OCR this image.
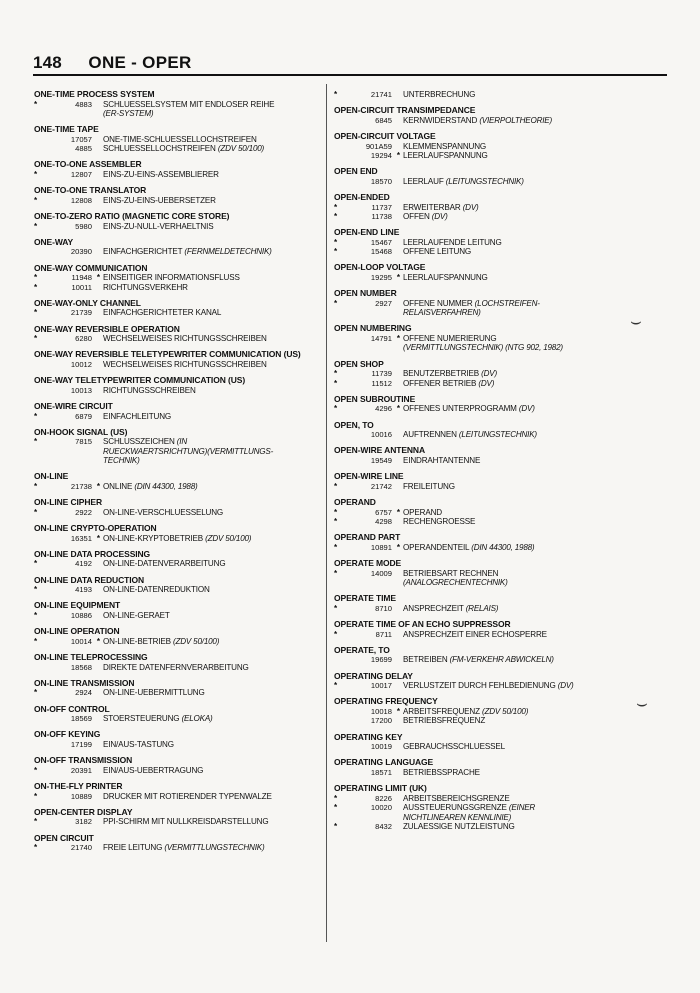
148 ONE - OPER
ONE-TIME PROCESS SYSTEM
*	4883 SCHLUESSELSYSTEM MIT ENDLOSER REIHE
(ER-SYSTEM)
ONE-TIME TAPE
17057 ONE-TIME-SCHLUESSELLOCHSTREIFEN
4885 SCHLUESSELLOCHSTREIFEN (ZDV 50/100)
ONE-TO-ONE ASSEMBLER
*	12807 EINS-ZU-EINS-ASSEMBLIERER
ONE-TO-ONE TRANSLATOR
*	12808 EINS-ZU-EINS-UEBERSETZER
ONE-TO-ZERO RATIO (MAGNETIC CORE STORE)
*	5980 EINS-ZU-NULL-VERHAELTNIS
ONE-WAY
20390 EINFACHGERICHTET (FERNMELDETECHNIK)
ONE-WAY COMMUNICATION
*	11948 * EINSEITIGER INFORMATIONSFLUSS
*	10011 RICHTUNGSVERKEHR
ONE-WAY-ONLY CHANNEL
*	21739 EINFACHGERICHTETER KANAL
ONE-WAY REVERSIBLE OPERATION
*	6280 WECHSELWEISES RICHTUNGSSCHREIBEN
ONE-WAY REVERSIBLE TELETYPEWRITER COMMUNICATION (US)
10012 WECHSELWEISES RICHTUNGSSCHREIBEN
ONE-WAY TELETYPEWRITER COMMUNICATION (US)
10013 RICHTUNGSSCHREIBEN
ONE-WIRE CIRCUIT
*	6879 EINFACHLEITUNG
ON-HOOK SIGNAL (US)
*	7815 SCHLUSSZEICHEN (IN
RUECKWAERTSRICHTUNG)(VERMITTLUNGS-
TECHNIK)
ON-LINE
*	21738 * ONLINE (DIN 44300, 1988)
ON-LINE CIPHER
*	2922 ON-LINE-VERSCHLUESSELUNG
ON-LINE CRYPTO-OPERATION
16351 * ON-LINE-KRYPTOBETRIEB (ZDV 50/100)
ON-LINE DATA PROCESSING
*	4192 ON-LINE-DATENVERARBEITUNG
ON-LINE DATA REDUCTION
*	4193 ON-LINE-DATENREDUKTION
ON-LINE EQUIPMENT
*	10886 ON-LINE-GERAET
ON-LINE OPERATION
*	10014 * ON-LINE-BETRIEB (ZDV 50/100)
ON-LINE TELEPROCESSING
18568 DIREKTE DATENFERNVERARBEITUNG
ON-LINE TRANSMISSION
*	2924 ON-LINE-UEBERMITTLUNG
ON-OFF CONTROL
18569 STOERSTEUERUNG (ELOKA)
ON-OFF KEYING
17199 EIN/AUS-TASTUNG
ON-OFF TRANSMISSION
*	20391 EIN/AUS-UEBERTRAGUNG
ON-THE-FLY PRINTER
*	10889 DRUCKER MIT ROTIERENDER TYPENWALZE
OPEN-CENTER DISPLAY
*	3182 PPI-SCHIRM MIT NULLKREISDARSTELLUNG
OPEN CIRCUIT
*	21740 FREIE LEITUNG (VERMITTLUNGSTECHNIK)
*	21741 UNTERBRECHUNG
OPEN-CIRCUIT TRANSIMPEDANCE
6845 KERNWIDERSTAND (VIERPOLTHEORIE)
OPEN-CIRCUIT VOLTAGE
901A59 KLEMMENSPANNUNG
19294 * LEERLAUFSPANNUNG
OPEN END
18570 LEERLAUF (LEITUNGSTECHNIK)
OPEN-ENDED
*	11737 ERWEITERBAR (DV)
*	11738 OFFEN (DV)
OPEN-END LINE
*	15467 LEERLAUFENDE LEITUNG
*	15468 OFFENE LEITUNG
OPEN-LOOP VOLTAGE
19295 * LEERLAUFSPANNUNG
OPEN NUMBER
*	2927 OFFENE NUMMER (LOCHSTREIFEN-
RELAISVERFAHREN)
OPEN NUMBERING
14791 * OFFENE NUMERIERUNG
(VERMITTLUNGSTECHNIK) (NTG 902, 1982)
OPEN SHOP
*	11739 BENUTZERBETRIEB (DV)
*	11512 OFFENER BETRIEB (DV)
OPEN SUBROUTINE
*	4296 * OFFENES UNTERPROGRAMM (DV)
OPEN, TO
10016 AUFTRENNEN (LEITUNGSTECHNIK)
OPEN-WIRE ANTENNA
19549 EINDRAHTANTENNE
OPEN-WIRE LINE
*	21742 FREILEITUNG
OPERAND
*	6757 * OPERAND
*	4298 RECHENGROESSE
OPERAND PART
*	10891 * OPERANDENTEIL (DIN 44300, 1988)
OPERATE MODE
*	14009 BETRIEBSART RECHNEN
(ANALOGRECHENTECHNIK)
OPERATE TIME
*	8710 ANSPRECHZEIT (RELAIS)
OPERATE TIME OF AN ECHO SUPPRESSOR
*	8711 ANSPRECHZEIT EINER ECHOSPERRE
OPERATE, TO
19699 BETREIBEN (FM-VERKEHR ABWICKELN)
OPERATING DELAY
*	10017 VERLUSTZEIT DURCH FEHLBEDIENUNG (DV)
OPERATING FREQUENCY
10018 * ARBEITSFREQUENZ (ZDV 50/100)
17200 BETRIEBSFREQUENZ
OPERATING KEY
10019 GEBRAUCHSSCHLUESSEL
OPERATING LANGUAGE
18571 BETRIEBSSPRACHE
OPERATING LIMIT (UK)
*	8226 ARBEITSBEREICHSGRENZE
*	10020 AUSSTEUERUNGSGRENZE (EINER
NICHTLINEAREN KENNLINIE)
*	8432 ZULAESSIGE NUTZLEISTUNG
⌣
⌣
